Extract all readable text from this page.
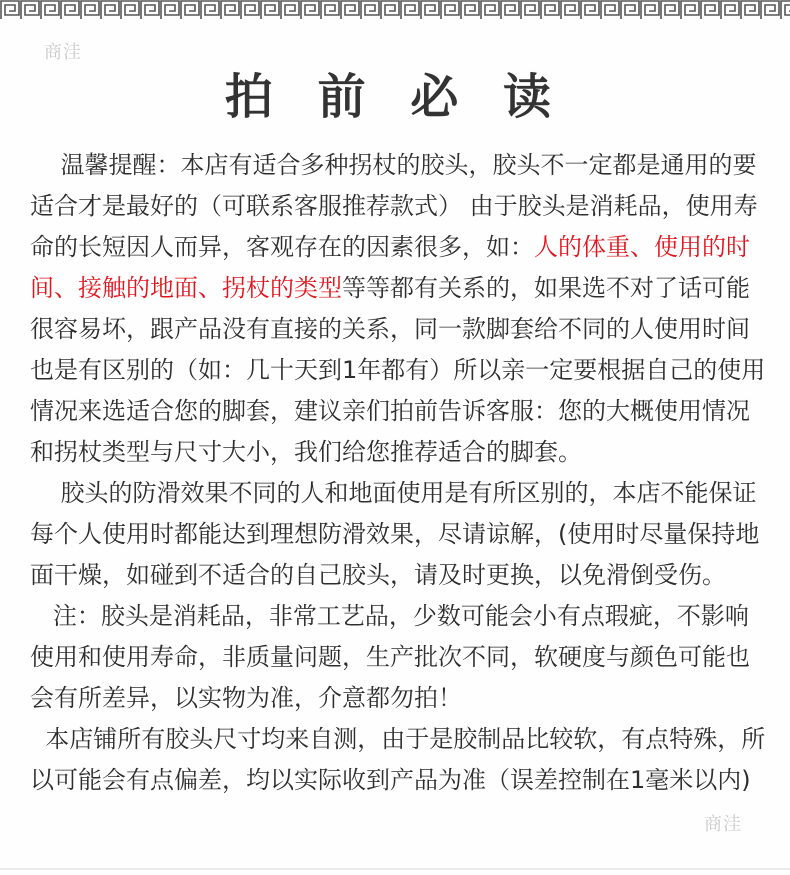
商洼
拍 前 必 读

温馨提醒：本店有适合多种拐杖的胶头，胶头不一定都是通用的要适合才是最好的（可联系客服推荐款式） 由于胶头是消耗品，使用寿命的长短因人而异，客观存在的因素很多，如：人的体重、使用的时间、接触的地面、拐杖的类型等等都有关系的，如果选不对了话可能很容易坏，跟产品没有直接的关系，同一款脚套给不同的人使用时间也是有区别的（如：几十天到1年都有）所以亲一定要根据自己的使用情况来选适合您的脚套，建议亲们拍前告诉客服：您的大概使用情况和拐杖类型与尺寸大小，我们给您推荐适合的脚套。

胶头的防滑效果不同的人和地面使用是有所区别的，本店不能保证每个人使用时都能达到理想防滑效果，尽请谅解，(使用时尽量保持地面干燥，如碰到不适合的自己胶头，请及时更换，以免滑倒受伤。

注：胶头是消耗品，非常工艺品，少数可能会小有点瑕疵，不影响使用和使用寿命，非质量问题，生产批次不同，软硬度与颜色可能也会有所差异，以实物为准，介意都勿拍！

本店铺所有胶头尺寸均来自测，由于是胶制品比较软，有点特殊，所以可能会有点偏差，均以实际收到产品为准（误差控制在1毫米以内)

商洼
